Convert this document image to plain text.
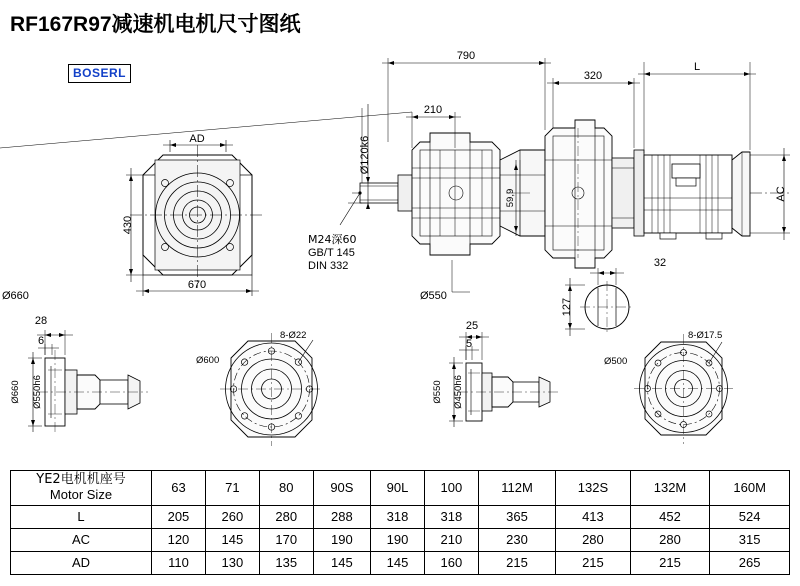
RF167R97减速机电机尺寸图纸
BOSERL
AD
430
670
790
320
L
AC
210
Ø120k6
59,9
M24深60
GB/T 145
DIN 332
Ø550
32
127
Ø660
28
6
Ø660 Ø550h6
8-Ø22
Ø600
25
5
Ø550 Ø450h6
8-Ø17.5
Ø500
YE2电机机座号
Motor Size	63	71	80	90S	90L	100	112M	132S	132M	160M
L	205	260	280	288	318	318	365	413	452	524
AC	120	145	170	190	190	210	230	280	280	315
AD	110	130	135	145	145	160	215	215	215	265
